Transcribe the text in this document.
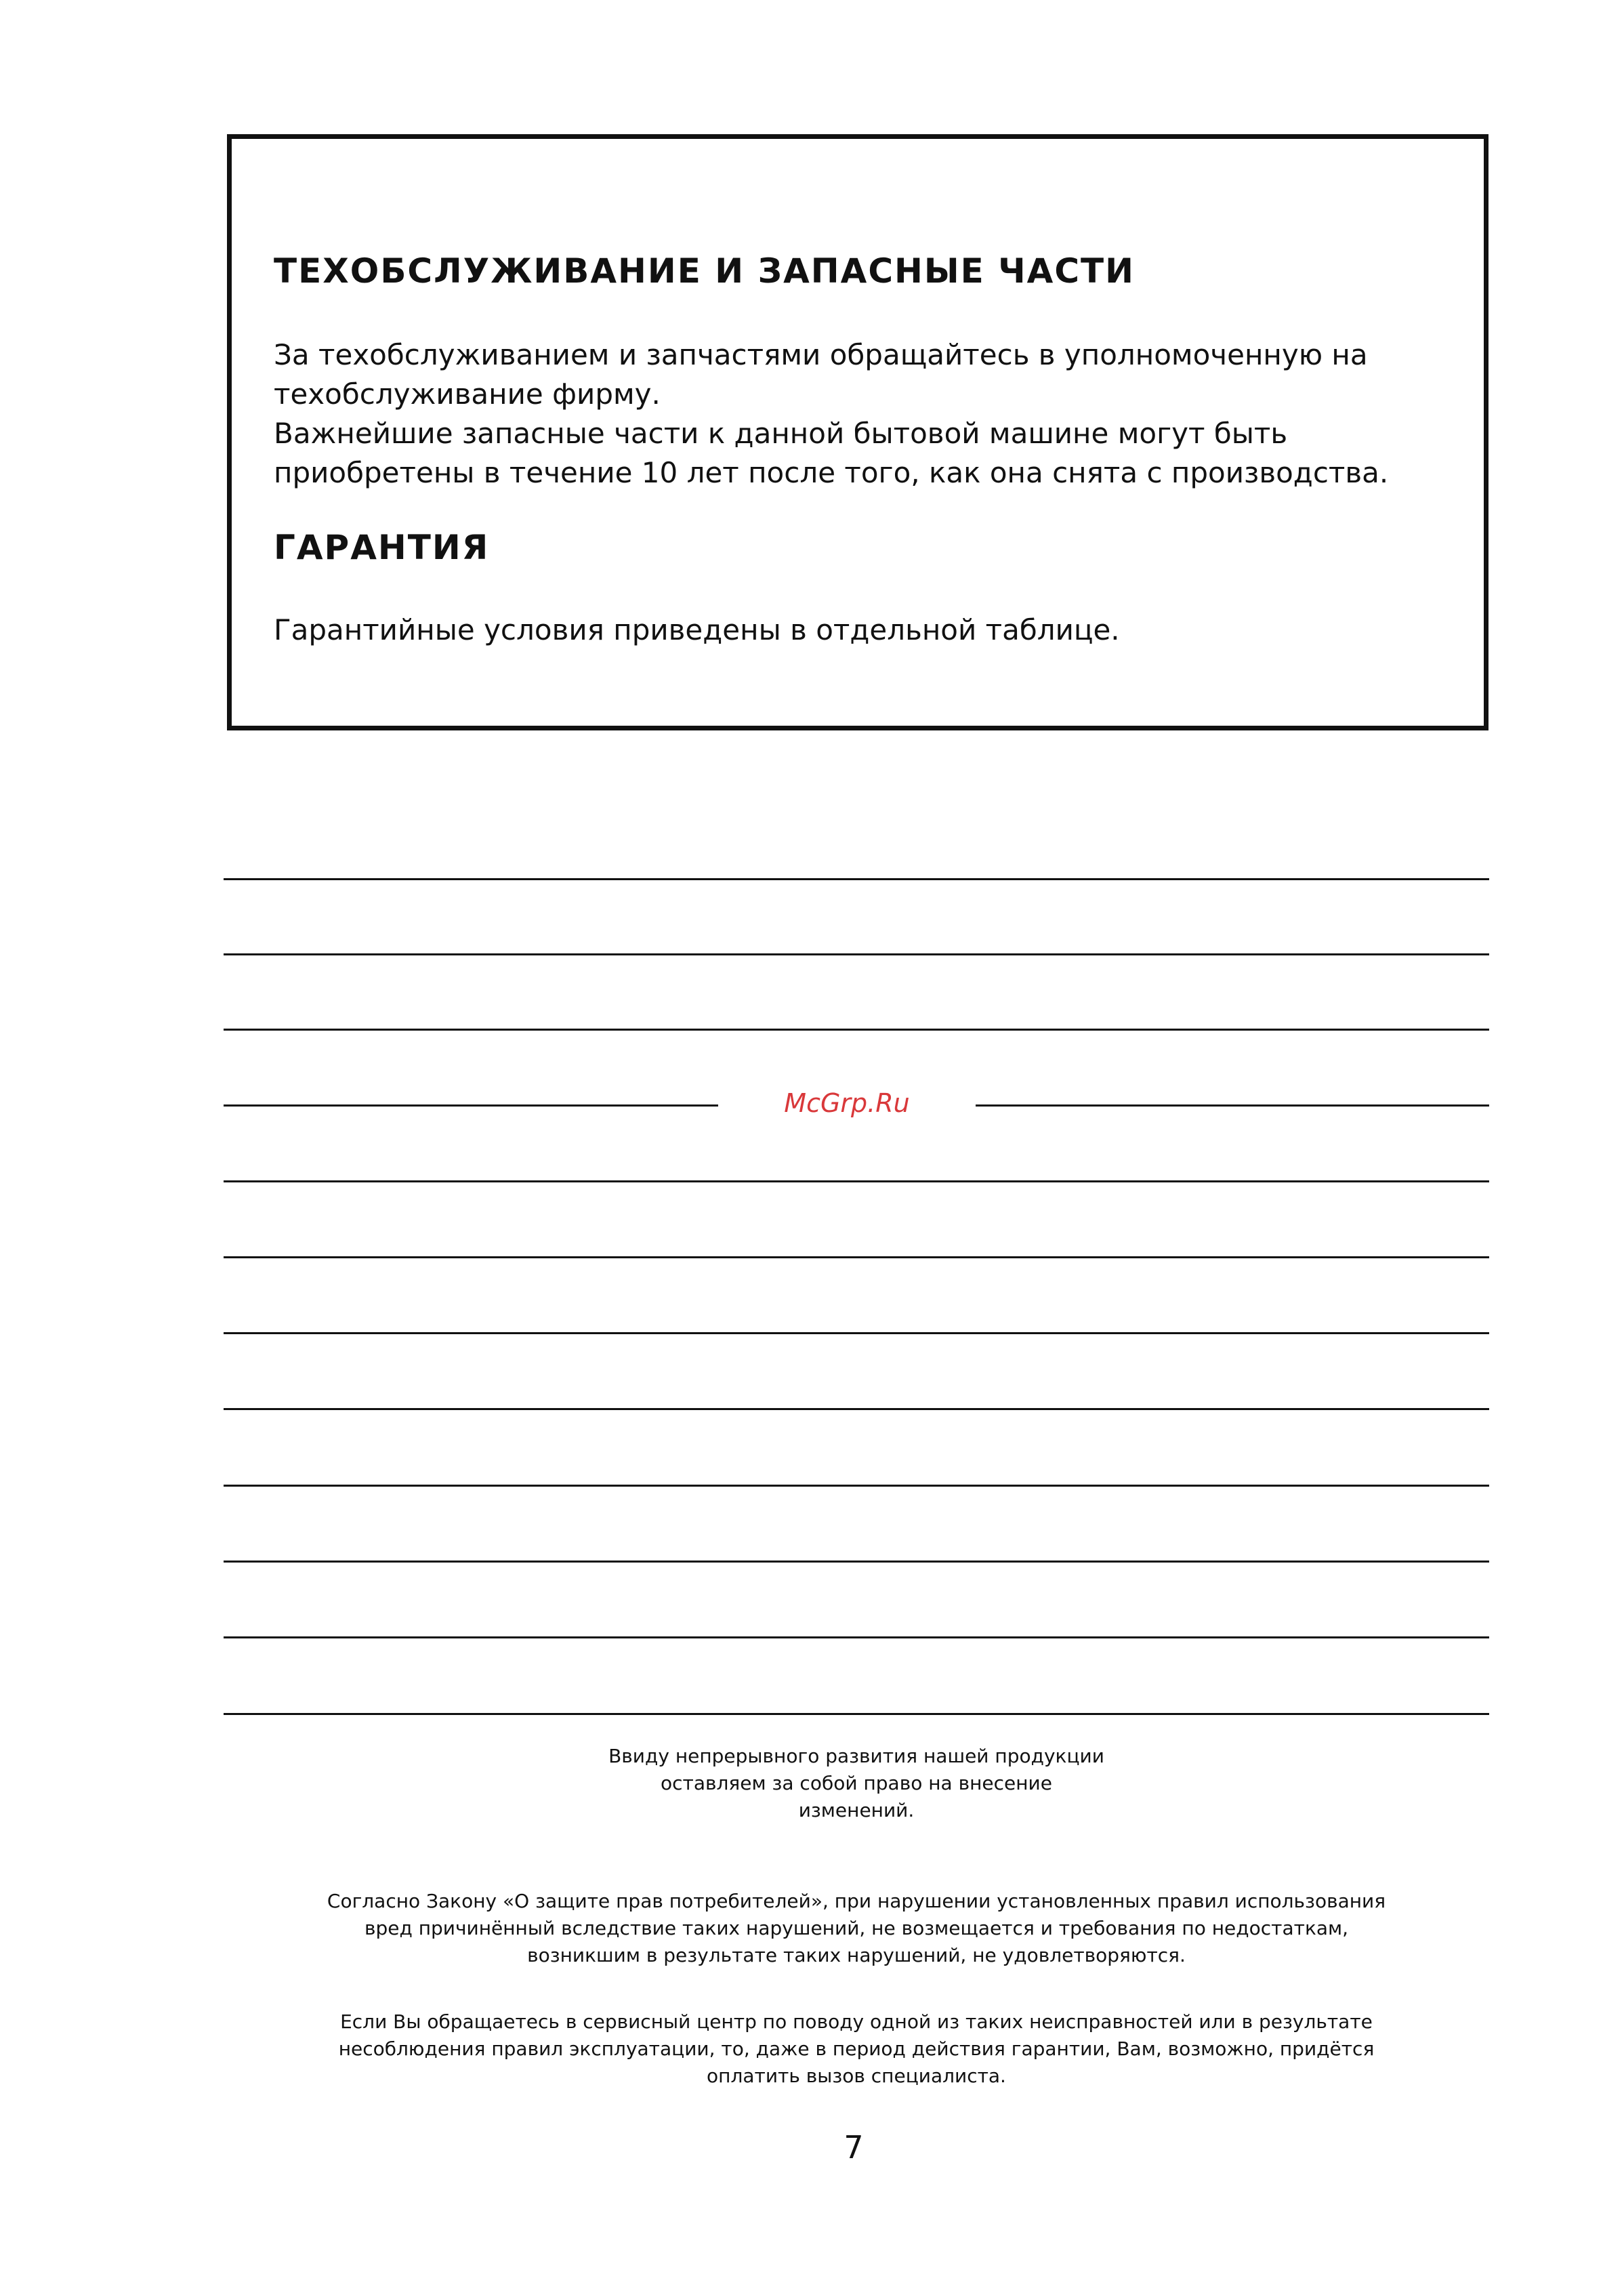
ТЕХОБСЛУЖИВАНИЕ И ЗАПАСНЫЕ ЧАСТИ
За техобслуживанием и запчастями обращайтесь в уполномоченную на
техобслуживание фирму.
Важнейшие запасные части к данной бытовой машине могут быть
приобретены в течение 10 лет после того, как она снята с производства.
ГАРАНТИЯ
Гарантийные условия приведены в отдельной таблице.
McGrp.Ru
Ввиду непрерывного развития нашей продукции
оставляем за собой право на внесение
изменений.
Согласно Закону «О защите прав потребителей», при нарушении установленных правил использования
вред причинённый вследствие таких нарушений, не возмещается и требования по недостаткам,
возникшим в результате таких нарушений, не удовлетворяются.
Если Вы обращаетесь в сервисный центр по поводу одной из таких неисправностей или в результате
несоблюдения правил эксплуатации, то, даже в период действия гарантии, Вам, возможно, придётся
оплатить вызов специалиста.
7
